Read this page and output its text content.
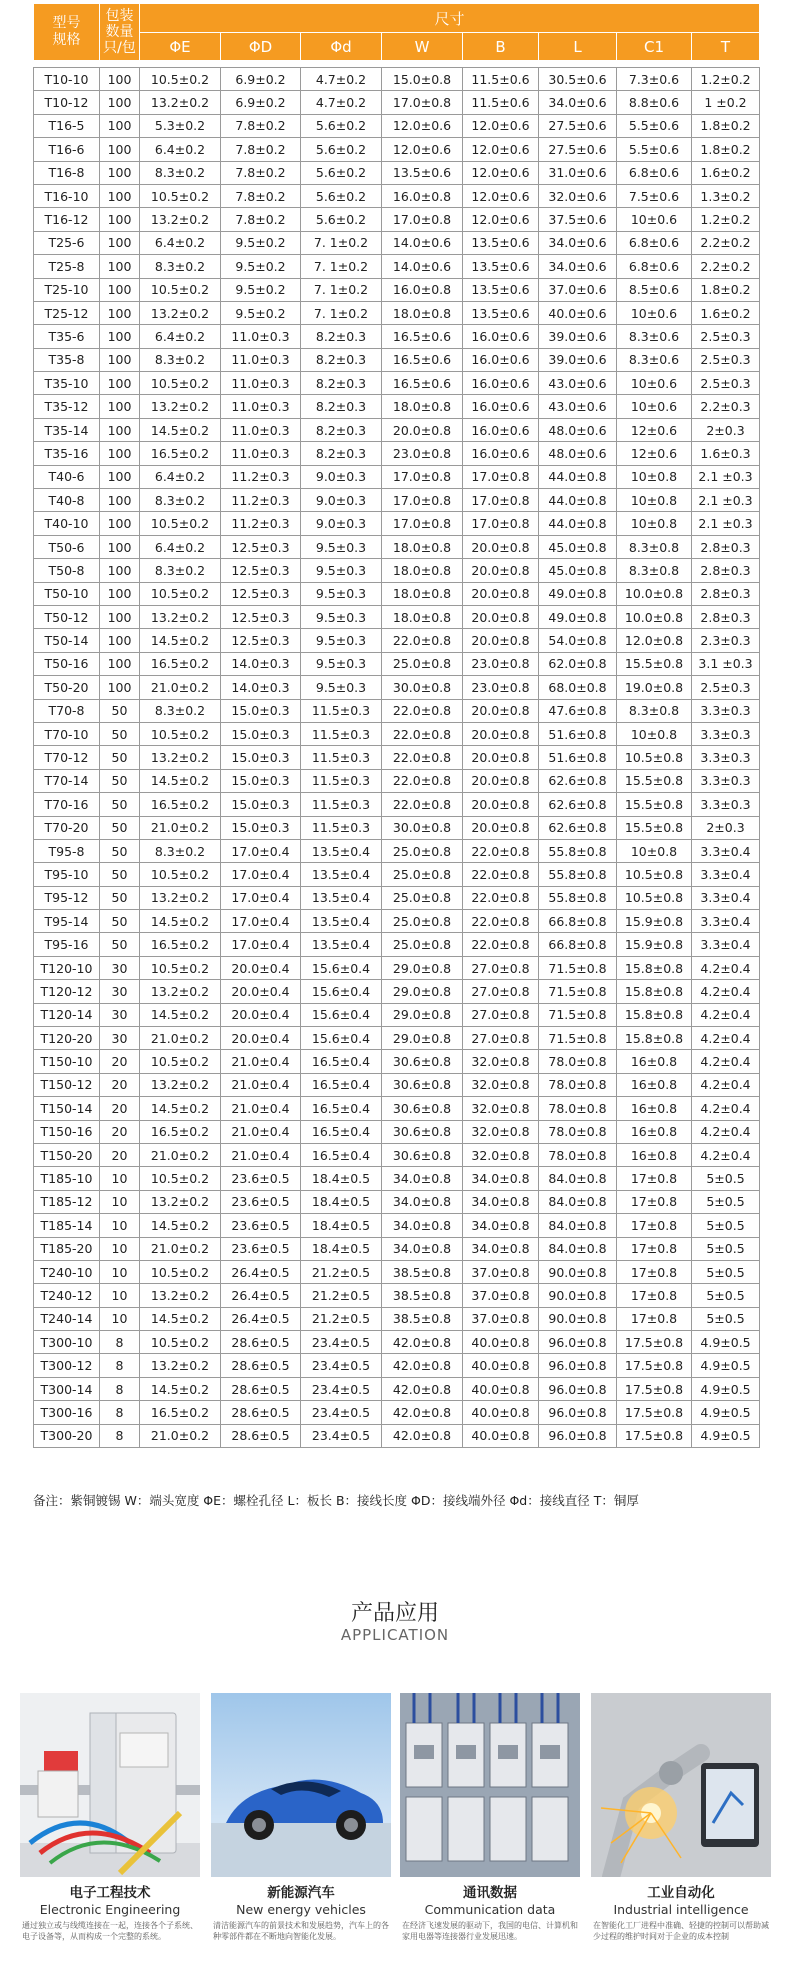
型号
规格	包装
数量
只/包	尺寸							
		ΦE	ΦD	Φd	W	B	L	C1	T

T10-10	100	10.5±0.2	6.9±0.2	4.7±0.2	15.0±0.8	11.5±0.6	30.5±0.6	7.3±0.6	1.2±0.2
T10-12	100	13.2±0.2	6.9±0.2	4.7±0.2	17.0±0.8	11.5±0.6	34.0±0.6	8.8±0.6	1 ±0.2
T16-5	100	5.3±0.2	7.8±0.2	5.6±0.2	12.0±0.6	12.0±0.6	27.5±0.6	5.5±0.6	1.8±0.2
T16-6	100	6.4±0.2	7.8±0.2	5.6±0.2	12.0±0.6	12.0±0.6	27.5±0.6	5.5±0.6	1.8±0.2
T16-8	100	8.3±0.2	7.8±0.2	5.6±0.2	13.5±0.6	12.0±0.6	31.0±0.6	6.8±0.6	1.6±0.2
T16-10	100	10.5±0.2	7.8±0.2	5.6±0.2	16.0±0.8	12.0±0.6	32.0±0.6	7.5±0.6	1.3±0.2
T16-12	100	13.2±0.2	7.8±0.2	5.6±0.2	17.0±0.8	12.0±0.6	37.5±0.6	10±0.6	1.2±0.2
T25-6	100	6.4±0.2	9.5±0.2	7. 1±0.2	14.0±0.6	13.5±0.6	34.0±0.6	6.8±0.6	2.2±0.2
T25-8	100	8.3±0.2	9.5±0.2	7. 1±0.2	14.0±0.6	13.5±0.6	34.0±0.6	6.8±0.6	2.2±0.2
T25-10	100	10.5±0.2	9.5±0.2	7. 1±0.2	16.0±0.8	13.5±0.6	37.0±0.6	8.5±0.6	1.8±0.2
T25-12	100	13.2±0.2	9.5±0.2	7. 1±0.2	18.0±0.8	13.5±0.6	40.0±0.6	10±0.6	1.6±0.2
T35-6	100	6.4±0.2	11.0±0.3	8.2±0.3	16.5±0.6	16.0±0.6	39.0±0.6	8.3±0.6	2.5±0.3
T35-8	100	8.3±0.2	11.0±0.3	8.2±0.3	16.5±0.6	16.0±0.6	39.0±0.6	8.3±0.6	2.5±0.3
T35-10	100	10.5±0.2	11.0±0.3	8.2±0.3	16.5±0.6	16.0±0.6	43.0±0.6	10±0.6	2.5±0.3
T35-12	100	13.2±0.2	11.0±0.3	8.2±0.3	18.0±0.8	16.0±0.6	43.0±0.6	10±0.6	2.2±0.3
T35-14	100	14.5±0.2	11.0±0.3	8.2±0.3	20.0±0.8	16.0±0.6	48.0±0.6	12±0.6	2±0.3
T35-16	100	16.5±0.2	11.0±0.3	8.2±0.3	23.0±0.8	16.0±0.6	48.0±0.6	12±0.6	1.6±0.3
T40-6	100	6.4±0.2	11.2±0.3	9.0±0.3	17.0±0.8	17.0±0.8	44.0±0.8	10±0.8	2.1 ±0.3
T40-8	100	8.3±0.2	11.2±0.3	9.0±0.3	17.0±0.8	17.0±0.8	44.0±0.8	10±0.8	2.1 ±0.3
T40-10	100	10.5±0.2	11.2±0.3	9.0±0.3	17.0±0.8	17.0±0.8	44.0±0.8	10±0.8	2.1 ±0.3
T50-6	100	6.4±0.2	12.5±0.3	9.5±0.3	18.0±0.8	20.0±0.8	45.0±0.8	8.3±0.8	2.8±0.3
T50-8	100	8.3±0.2	12.5±0.3	9.5±0.3	18.0±0.8	20.0±0.8	45.0±0.8	8.3±0.8	2.8±0.3
T50-10	100	10.5±0.2	12.5±0.3	9.5±0.3	18.0±0.8	20.0±0.8	49.0±0.8	10.0±0.8	2.8±0.3
T50-12	100	13.2±0.2	12.5±0.3	9.5±0.3	18.0±0.8	20.0±0.8	49.0±0.8	10.0±0.8	2.8±0.3
T50-14	100	14.5±0.2	12.5±0.3	9.5±0.3	22.0±0.8	20.0±0.8	54.0±0.8	12.0±0.8	2.3±0.3
T50-16	100	16.5±0.2	14.0±0.3	9.5±0.3	25.0±0.8	23.0±0.8	62.0±0.8	15.5±0.8	3.1 ±0.3
T50-20	100	21.0±0.2	14.0±0.3	9.5±0.3	30.0±0.8	23.0±0.8	68.0±0.8	19.0±0.8	2.5±0.3
T70-8	50	8.3±0.2	15.0±0.3	11.5±0.3	22.0±0.8	20.0±0.8	47.6±0.8	8.3±0.8	3.3±0.3
T70-10	50	10.5±0.2	15.0±0.3	11.5±0.3	22.0±0.8	20.0±0.8	51.6±0.8	10±0.8	3.3±0.3
T70-12	50	13.2±0.2	15.0±0.3	11.5±0.3	22.0±0.8	20.0±0.8	51.6±0.8	10.5±0.8	3.3±0.3
T70-14	50	14.5±0.2	15.0±0.3	11.5±0.3	22.0±0.8	20.0±0.8	62.6±0.8	15.5±0.8	3.3±0.3
T70-16	50	16.5±0.2	15.0±0.3	11.5±0.3	22.0±0.8	20.0±0.8	62.6±0.8	15.5±0.8	3.3±0.3
T70-20	50	21.0±0.2	15.0±0.3	11.5±0.3	30.0±0.8	20.0±0.8	62.6±0.8	15.5±0.8	2±0.3
T95-8	50	8.3±0.2	17.0±0.4	13.5±0.4	25.0±0.8	22.0±0.8	55.8±0.8	10±0.8	3.3±0.4
T95-10	50	10.5±0.2	17.0±0.4	13.5±0.4	25.0±0.8	22.0±0.8	55.8±0.8	10.5±0.8	3.3±0.4
T95-12	50	13.2±0.2	17.0±0.4	13.5±0.4	25.0±0.8	22.0±0.8	55.8±0.8	10.5±0.8	3.3±0.4
T95-14	50	14.5±0.2	17.0±0.4	13.5±0.4	25.0±0.8	22.0±0.8	66.8±0.8	15.9±0.8	3.3±0.4
T95-16	50	16.5±0.2	17.0±0.4	13.5±0.4	25.0±0.8	22.0±0.8	66.8±0.8	15.9±0.8	3.3±0.4
T120-10	30	10.5±0.2	20.0±0.4	15.6±0.4	29.0±0.8	27.0±0.8	71.5±0.8	15.8±0.8	4.2±0.4
T120-12	30	13.2±0.2	20.0±0.4	15.6±0.4	29.0±0.8	27.0±0.8	71.5±0.8	15.8±0.8	4.2±0.4
T120-14	30	14.5±0.2	20.0±0.4	15.6±0.4	29.0±0.8	27.0±0.8	71.5±0.8	15.8±0.8	4.2±0.4
T120-20	30	21.0±0.2	20.0±0.4	15.6±0.4	29.0±0.8	27.0±0.8	71.5±0.8	15.8±0.8	4.2±0.4
T150-10	20	10.5±0.2	21.0±0.4	16.5±0.4	30.6±0.8	32.0±0.8	78.0±0.8	16±0.8	4.2±0.4
T150-12	20	13.2±0.2	21.0±0.4	16.5±0.4	30.6±0.8	32.0±0.8	78.0±0.8	16±0.8	4.2±0.4
T150-14	20	14.5±0.2	21.0±0.4	16.5±0.4	30.6±0.8	32.0±0.8	78.0±0.8	16±0.8	4.2±0.4
T150-16	20	16.5±0.2	21.0±0.4	16.5±0.4	30.6±0.8	32.0±0.8	78.0±0.8	16±0.8	4.2±0.4
T150-20	20	21.0±0.2	21.0±0.4	16.5±0.4	30.6±0.8	32.0±0.8	78.0±0.8	16±0.8	4.2±0.4
T185-10	10	10.5±0.2	23.6±0.5	18.4±0.5	34.0±0.8	34.0±0.8	84.0±0.8	17±0.8	5±0.5
T185-12	10	13.2±0.2	23.6±0.5	18.4±0.5	34.0±0.8	34.0±0.8	84.0±0.8	17±0.8	5±0.5
T185-14	10	14.5±0.2	23.6±0.5	18.4±0.5	34.0±0.8	34.0±0.8	84.0±0.8	17±0.8	5±0.5
T185-20	10	21.0±0.2	23.6±0.5	18.4±0.5	34.0±0.8	34.0±0.8	84.0±0.8	17±0.8	5±0.5
T240-10	10	10.5±0.2	26.4±0.5	21.2±0.5	38.5±0.8	37.0±0.8	90.0±0.8	17±0.8	5±0.5
T240-12	10	13.2±0.2	26.4±0.5	21.2±0.5	38.5±0.8	37.0±0.8	90.0±0.8	17±0.8	5±0.5
T240-14	10	14.5±0.2	26.4±0.5	21.2±0.5	38.5±0.8	37.0±0.8	90.0±0.8	17±0.8	5±0.5
T300-10	8	10.5±0.2	28.6±0.5	23.4±0.5	42.0±0.8	40.0±0.8	96.0±0.8	17.5±0.8	4.9±0.5
T300-12	8	13.2±0.2	28.6±0.5	23.4±0.5	42.0±0.8	40.0±0.8	96.0±0.8	17.5±0.8	4.9±0.5
T300-14	8	14.5±0.2	28.6±0.5	23.4±0.5	42.0±0.8	40.0±0.8	96.0±0.8	17.5±0.8	4.9±0.5
T300-16	8	16.5±0.2	28.6±0.5	23.4±0.5	42.0±0.8	40.0±0.8	96.0±0.8	17.5±0.8	4.9±0.5
T300-20	8	21.0±0.2	28.6±0.5	23.4±0.5	42.0±0.8	40.0±0.8	96.0±0.8	17.5±0.8	4.9±0.5
备注：紫铜镀锡 W：端头宽度 ΦE：螺栓孔径 L：板长 B：接线长度 ΦD：接线端外径 Φd：接线直径 T：铜厚
产品应用
APPLICATION
电子工程技术
Electronic Engineering
通过独立或与线缆连接在一起，连接各个子系统、电子设备等，从而构成一个完整的系统。
新能源汽车
New energy vehicles
清洁能源汽车的前景技术和发展趋势，汽车上的各种零部件都在不断地向智能化发展。
通讯数据
Communication data
在经济飞速发展的驱动下，我国的电信、计算机和家用电器等连接器行业发展迅速。
工业自动化
Industrial intelligence
在智能化工厂进程中准确、轻捷的控制可以帮助减少过程的维护时间对于企业的成本控制
